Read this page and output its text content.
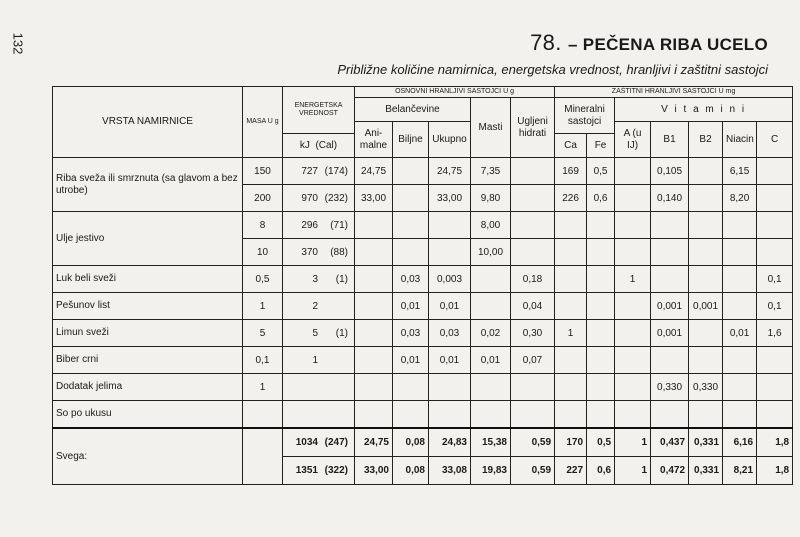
132	78. – PEČENA RIBA UCELO
Približne količine namirnica, energetska vrednost, hranljivi i zaštitni sastojci
VRSTA NAMIRNICE	MASA U g	ENERGETSKA VREDNOST	OSNOVNI HRANLJIVI SASTOJCI U g					ZAŠTITNI HRANLJIVI SASTOJCI U mg						
			Belančevine			Masti	Ugljeni hidrati	Mineralni sastojci		V i t a m i n i				
			Ani- malne	Biljne	Ukupno					A (u IJ)	B1	B2	Niacin	C
		kJ (Cal)						Ca	Fe					
Riba sveža ili smrznuta (sa glavom a bez utrobe)	150	727 (174)	24,75		24,75	7,35		169	0,5		0,105		6,15	
	200	970 (232)	33,00		33,00	9,80		226	0,6		0,140		8,20	
Ulje jestivo	8	296 (71)				8,00								
	10	370 (88)				10,00								
Luk beli sveži	0,5	3 (1)		0,03	0,003		0,18			1				0,1
Pešunov list	1	2		0,01	0,01		0,04				0,001	0,001		0,1
Limun sveži	5	5 (1)		0,03	0,03	0,02	0,30	1			0,001		0,01	1,6
Biber crni	0,1	1		0,01	0,01	0,01	0,07							
Dodatak jelima	1										0,330	0,330		
So po ukusu														
Svega:		1034 (247)	24,75	0,08	24,83	15,38	0,59	170	0,5	1	0,437	0,331	6,16	1,8
		1351 (322)	33,00	0,08	33,08	19,83	0,59	227	0,6	1	0,472	0,331	8,21	1,8
